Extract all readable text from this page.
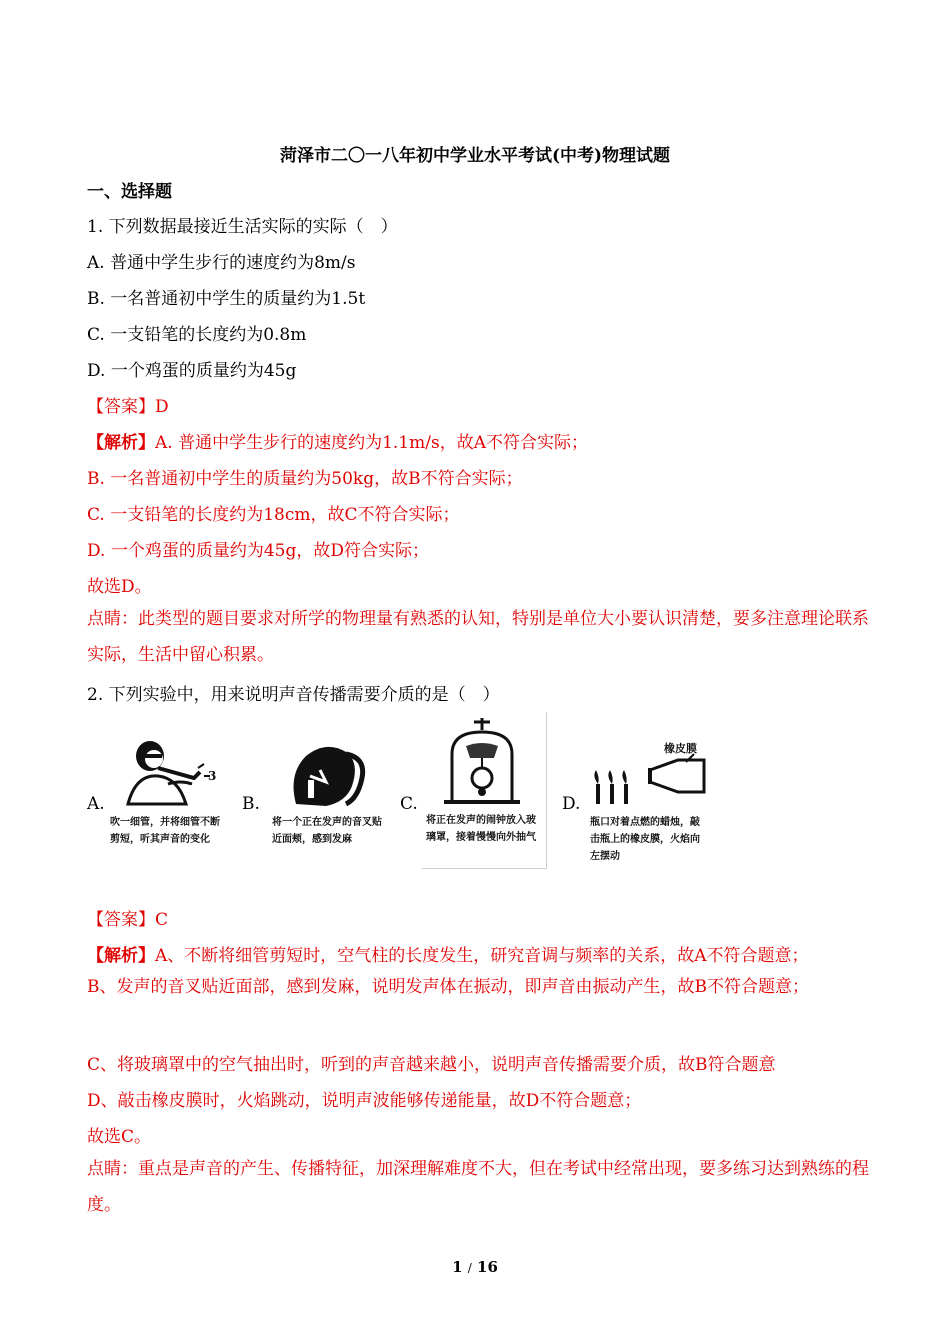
菏泽市二〇一八年初中学业水平考试(中考)物理试题
一、选择题
1. 下列数据最接近生活实际的实际（　）
A. 普通中学生步行的速度约为8m/s
B. 一名普通初中学生的质量约为1.5t
C. 一支铅笔的长度约为0.8m
D. 一个鸡蛋的质量约为45g
【答案】D
【解析】A. 普通中学生步行的速度约为1.1m/s，故A不符合实际；
B. 一名普通初中学生的质量约为50kg，故B不符合实际；
C. 一支铅笔的长度约为18cm，故C不符合实际；
D. 一个鸡蛋的质量约为45g，故D符合实际；
故选D。
点睛：此类型的题目要求对所学的物理量有熟悉的认知，特别是单位大小要认识清楚，要多注意理论联系实际，生活中留心积累。
2. 下列实验中，用来说明声音传播需要介质的是（　）
A.
3
吹一细管，并将细管不断剪短，听其声音的变化
B.
将一个正在发声的音叉贴近面颊，感到发麻
C.
将正在发声的闹钟放入玻璃罩，接着慢慢向外抽气
D.
橡皮膜
瓶口对着点燃的蜡烛，敲击瓶上的橡皮膜，火焰向左摆动
【答案】C
【解析】A、不断将细管剪短时，空气柱的长度发生，研究音调与频率的关系，故A不符合题意；
B、发声的音叉贴近面部，感到发麻，说明发声体在振动，即声音由振动产生，故B不符合题意；
C、将玻璃罩中的空气抽出时，听到的声音越来越小，说明声音传播需要介质，故B符合题意
D、敲击橡皮膜时，火焰跳动，说明声波能够传递能量，故D不符合题意；
故选C。
点睛：重点是声音的产生、传播特征，加深理解难度不大，但在考试中经常出现，要多练习达到熟练的程度。
1 / 16
